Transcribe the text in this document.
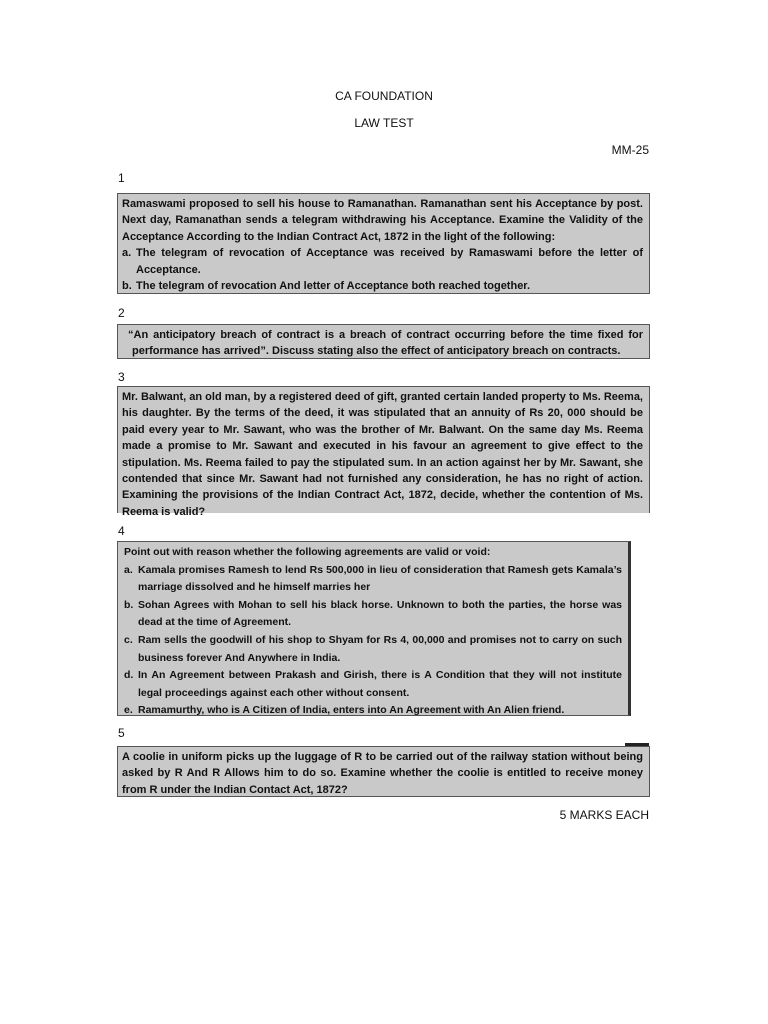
CA FOUNDATION
LAW TEST
MM-25
1

Ramaswami proposed to sell his house to Ramanathan. Ramanathan sent his Acceptance by post. Next day, Ramanathan sends a telegram withdrawing his Acceptance. Examine the Validity of the Acceptance According to the Indian Contract Act, 1872 in the light of the following:

a. The telegram of revocation of Acceptance was received by Ramaswami before the letter of Acceptance.

b. The telegram of revocation And letter of Acceptance both reached together.

2

“An anticipatory breach of contract is a breach of contract occurring before the time fixed for performance has arrived”. Discuss stating also the effect of anticipatory breach on contracts.

3

Mr. Balwant, an old man, by a registered deed of gift, granted certain landed property to Ms. Reema, his daughter. By the terms of the deed, it was stipulated that an annuity of Rs 20, 000 should be paid every year to Mr. Sawant, who was the brother of Mr. Balwant. On the same day Ms. Reema made a promise to Mr. Sawant and executed in his favour an agreement to give effect to the stipulation. Ms. Reema failed to pay the stipulated sum. In an action against her by Mr. Sawant, she contended that since Mr. Sawant had not furnished any consideration, he has no right of action. Examining the provisions of the Indian Contract Act, 1872, decide, whether the contention of Ms. Reema is valid?

4

Point out with reason whether the following agreements are valid or void:

a. Kamala promises Ramesh to lend Rs 500,000 in lieu of consideration that Ramesh gets Kamala’s marriage dissolved and he himself marries her

b. Sohan Agrees with Mohan to sell his black horse. Unknown to both the parties, the horse was dead at the time of Agreement.

c. Ram sells the goodwill of his shop to Shyam for Rs 4, 00,000 and promises not to carry on such business forever And Anywhere in India.

d. In An Agreement between Prakash and Girish, there is A Condition that they will not institute legal proceedings against each other without consent.

e. Ramamurthy, who is A Citizen of India, enters into An Agreement with An Alien friend.

5

A coolie in uniform picks up the luggage of R to be carried out of the railway station without being asked by R And R Allows him to do so. Examine whether the coolie is entitled to receive money from R under the Indian Contact Act, 1872?

5 MARKS EACH
